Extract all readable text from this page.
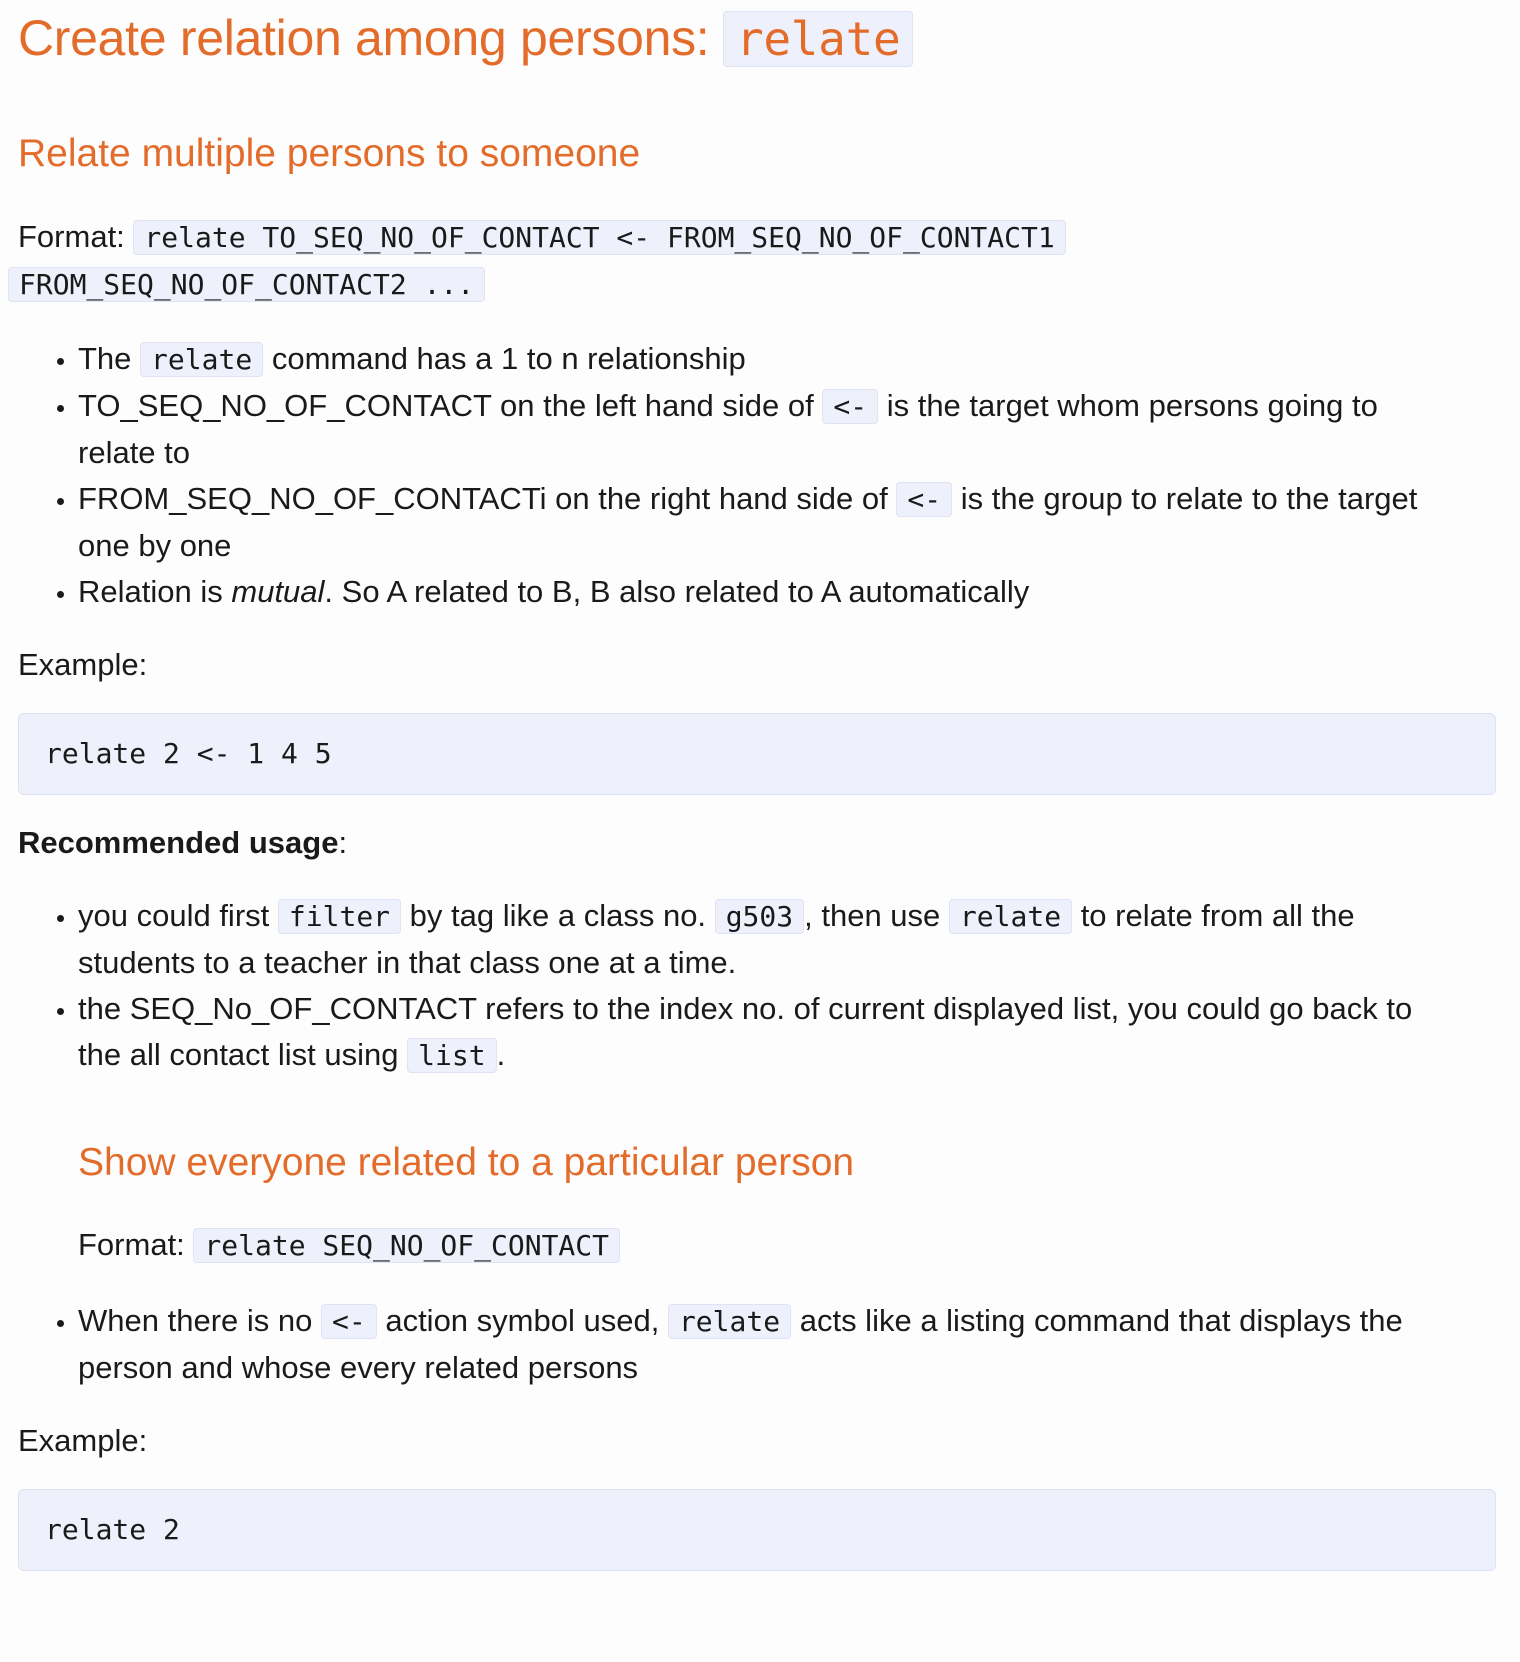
Create relation among persons: relate
Relate multiple persons to someone

Format: relate TO_SEQ_NO_OF_CONTACT <- FROM_SEQ_NO_OF_CONTACT1
FROM_SEQ_NO_OF_CONTACT2 ...

• The relate command has a 1 to n relationship
• TO_SEQ_NO_OF_CONTACT on the left hand side of <- is the target whom persons going to
relate to
• FROM_SEQ_NO_OF_CONTACTi on the right hand side of <- is the group to relate to the target
one by one
• Relation is mutual. So A related to B, B also related to A automatically

Example:

relate 2 <- 1 4 5

Recommended usage:

• you could first filter by tag like a class no. g503 , then use relate to relate from all the
students to a teacher in that class one at a time.
• the SEQ_No_OF_CONTACT refers to the index no. of current displayed list, you could go back to
the all contact list using list .
Show everyone related to a particular person

Format: relate SEQ_NO_OF_CONTACT

• When there is no <- action symbol used, relate acts like a listing command that displays the
person and whose every related persons

Example:

relate 2
